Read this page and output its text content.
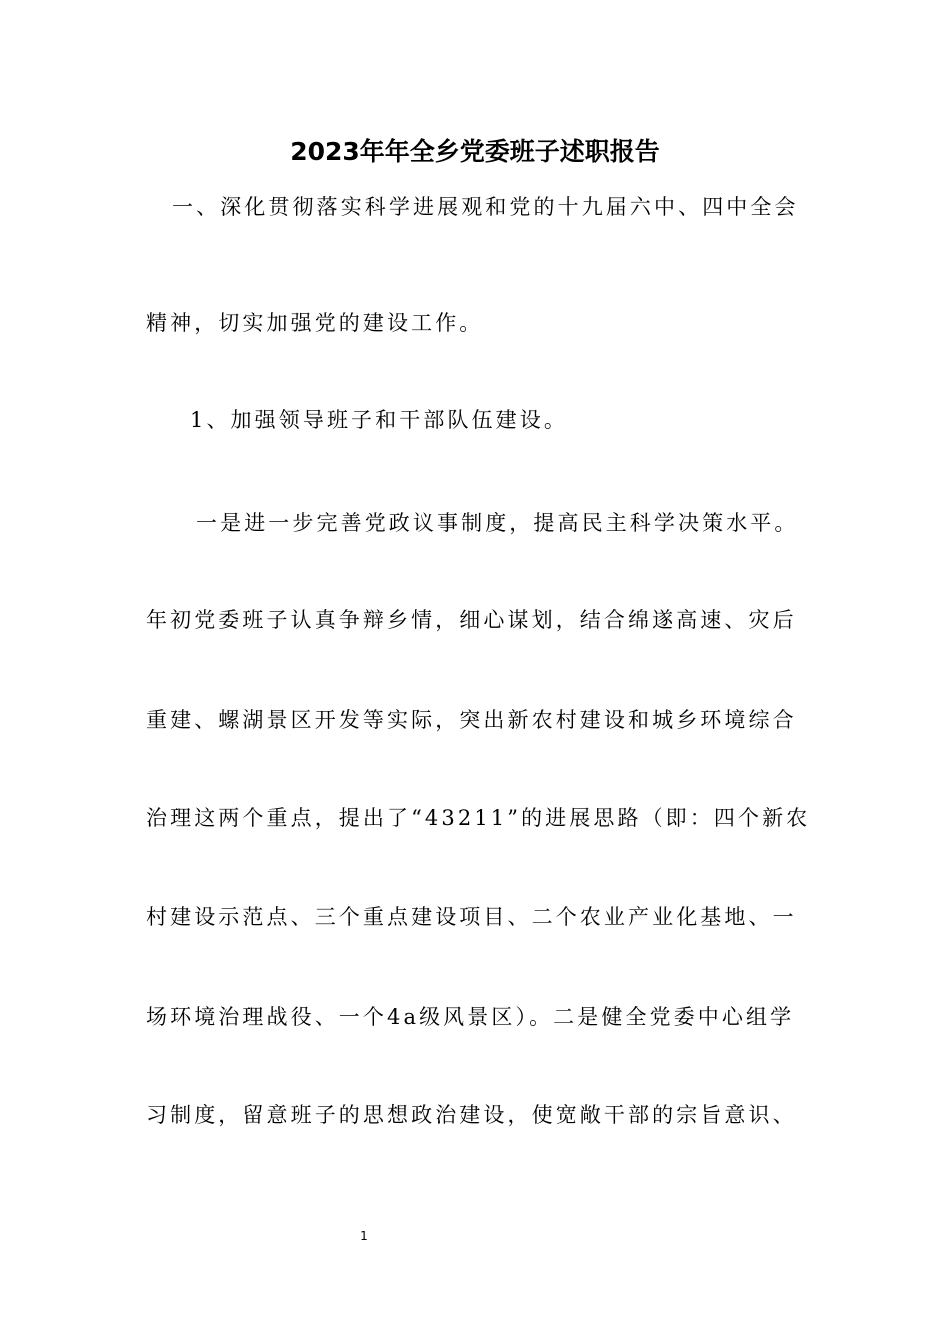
2023年年全乡党委班子述职报告
一、深化贯彻落实科学进展观和党的十九届六中、四中全会
精神，切实加强党的建设工作。
1、加强领导班子和干部队伍建设。
一是进一步完善党政议事制度，提高民主科学决策水平。
年初党委班子认真争辩乡情，细心谋划，结合绵遂高速、灾后
重建、螺湖景区开发等实际，突出新农村建设和城乡环境综合
治理这两个重点，提出了“43211”的进展思路（即：四个新农
村建设示范点、三个重点建设项目、二个农业产业化基地、一
场环境治理战役、一个4a级风景区）。二是健全党委中心组学
习制度，留意班子的思想政治建设，使宽敞干部的宗旨意识、
1
